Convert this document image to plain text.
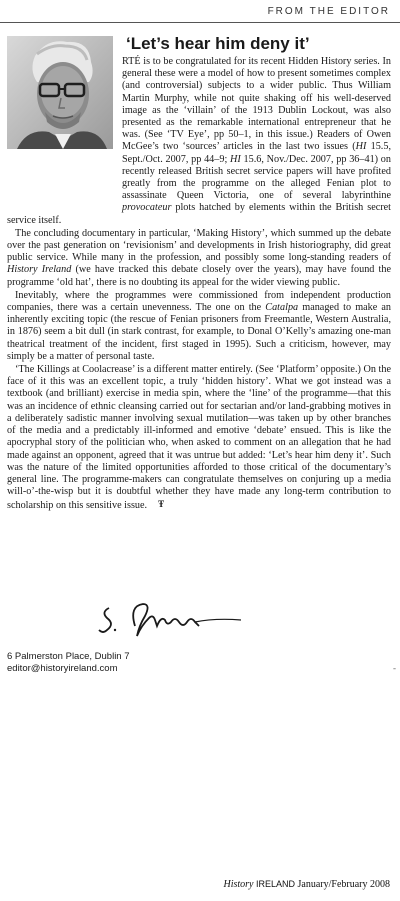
FROM THE EDITOR
‘Let’s hear him deny it’

RTÉ is to be congratulated for its recent Hidden History series. In general these were a model of how to present sometimes complex (and controversial) subjects to a wider public. Thus William Martin Murphy, while not quite shaking off his well-deserved image as the ‘villain’ of the 1913 Dublin Lockout, was also presented as the remarkable international entrepreneur that he was. (See ‘TV Eye’, pp 50–1, in this issue.) Readers of Owen McGee’s two ‘sources’ articles in the last two issues (HI 15.5, Sept./Oct. 2007, pp 44–9; HI 15.6, Nov./Dec. 2007, pp 36–41) on recently released British secret service papers will have profited greatly from the programme on the alleged Fenian plot to assassinate Queen Victoria, one of several labyrinthine provocateur plots hatched by elements within the British secret service itself.

The concluding documentary in particular, ‘Making History’, which summed up the debate over the past generation on ‘revisionism’ and developments in Irish historiography, did great public service. While many in the profession, and possibly some long-standing readers of History Ireland (we have tracked this debate closely over the years), may have found the programme ‘old hat’, there is no doubting its appeal for the wider viewing public.

Inevitably, where the programmes were commissioned from independent production companies, there was a certain unevenness. The one on the Catalpa managed to make an inherently exciting topic (the rescue of Fenian prisoners from Freemantle, Western Australia, in 1876) seem a bit dull (in stark contrast, for example, to Donal O’Kelly’s amazing one-man theatrical treatment of the incident, first staged in 1995). Such a criticism, however, may simply be a matter of personal taste.

‘The Killings at Coolacrease’ is a different matter entirely. (See ‘Platform’ opposite.) On the face of it this was an excellent topic, a truly ‘hidden history’. What we got instead was a textbook (and brilliant) exercise in media spin, where the ‘line’ of the programme—that this was an incidence of ethnic cleansing carried out for sectarian and/or land-grabbing motives in a deliberately sadistic manner involving sexual mutilation—was taken up by other branches of the media and a predictably ill-informed and emotive ‘debate’ ensued. This is like the apocryphal story of the politician who, when asked to comment on an allegation that he had made against an opponent, agreed that it was untrue but added: ‘Let’s hear him deny it’. Such was the nature of the limited opportunities afforded to those critical of the documentary’s general line. The programme-makers can congratulate themselves on conjuring up a media will-o’-the-wisp but it is doubtful whether they have made any long-term contribution to scholarship on this sensitive issue. Ŧ

6 Palmerston Place, Dublin 7
editor@historyireland.com	-
History IRELAND January/February 2008
